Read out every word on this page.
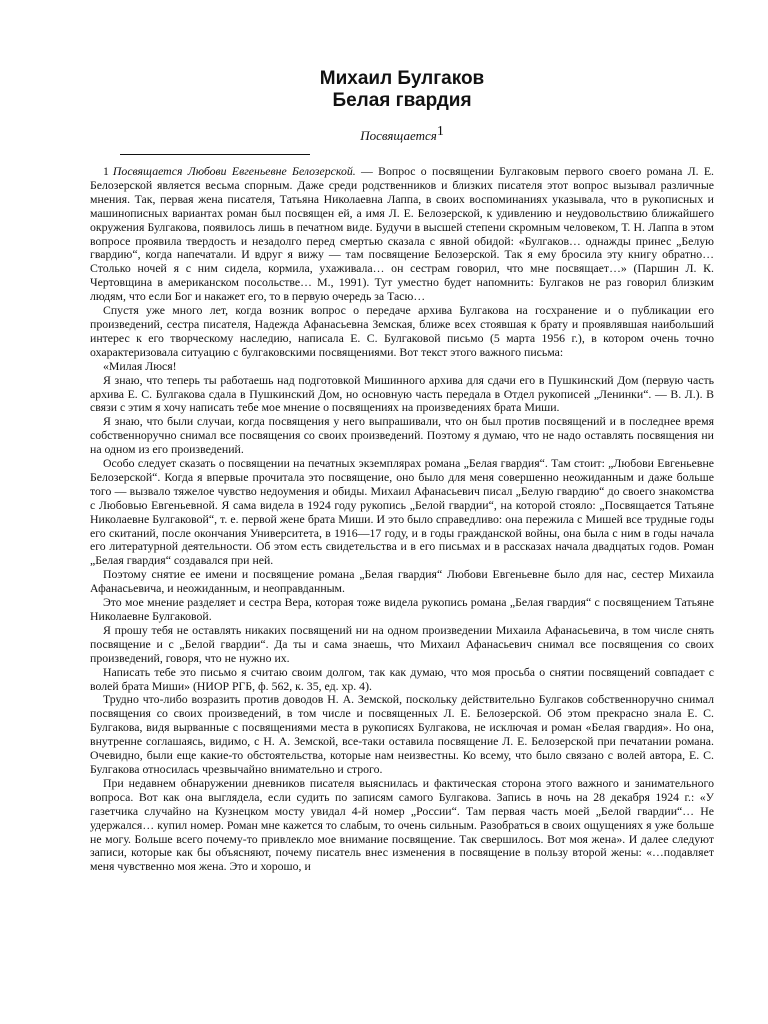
Михаил Булгаков
Белая гвардия
Посвящается$^1$

1 Посвящается Любови Евгеньевне Белозерской. — Вопрос о посвящении Булгаковым первого своего романа Л. Е. Белозерской является весьма спорным. Даже среди родственников и близких писателя этот вопрос вызывал различные мнения. Так, первая жена писателя, Татьяна Николаевна Лаппа, в своих воспоминаниях указывала, что в рукописных и машинописных вариантах роман был посвящен ей, а имя Л. Е. Белозерской, к удивлению и неудовольствию ближайшего окружения Булгакова, появилось лишь в печатном виде. Будучи в высшей степени скромным человеком, Т. Н. Лаппа в этом вопросе проявила твердость и незадолго перед смертью сказала с явной обидой: «Булгаков… однажды принес „Белую гвардию“, когда напечатали. И вдруг я вижу — там посвящение Белозерской. Так я ему бросила эту книгу обратно… Столько ночей я с ним сидела, кормила, ухаживала… он сестрам говорил, что мне посвящает…» (Паршин Л. К. Чертовщина в американском посольстве… М., 1991). Тут уместно будет напомнить: Булгаков не раз говорил близким людям, что если Бог и накажет его, то в первую очередь за Тасю…

Спустя уже много лет, когда возник вопрос о передаче архива Булгакова на госхранение и о публикации его произведений, сестра писателя, Надежда Афанасьевна Земская, ближе всех стоявшая к брату и проявлявшая наибольший интерес к его творческому наследию, написала Е. С. Булгаковой письмо (5 марта 1956 г.), в котором очень точно охарактеризовала ситуацию с булгаковскими посвящениями. Вот текст этого важного письма:

«Милая Люся!

Я знаю, что теперь ты работаешь над подготовкой Мишинного архива для сдачи его в Пушкинский Дом (первую часть архива Е. С. Булгакова сдала в Пушкинский Дом, но основную часть передала в Отдел рукописей „Ленинки“. — В. Л.). В связи с этим я хочу написать тебе мое мнение о посвящениях на произведениях брата Миши.

Я знаю, что были случаи, когда посвящения у него выпрашивали, что он был против посвящений и в последнее время собственноручно снимал все посвящения со своих произведений. Поэтому я думаю, что не надо оставлять посвящения ни на одном из его произведений.

Особо следует сказать о посвящении на печатных экземплярах романа „Белая гвардия“. Там стоит: „Любови Евгеньевне Белозерской“. Когда я впервые прочитала это посвящение, оно было для меня совершенно неожиданным и даже больше того — вызвало тяжелое чувство недоумения и обиды. Михаил Афанасьевич писал „Белую гвардию“ до своего знакомства с Любовью Евгеньевной. Я сама видела в 1924 году рукопись „Белой гвардии“, на которой стояло: „Посвящается Татьяне Николаевне Булгаковой“, т. е. первой жене брата Миши. И это было справедливо: она пережила с Мишей все трудные годы его скитаний, после окончания Университета, в 1916—17 году, и в годы гражданской войны, она была с ним в годы начала его литературной деятельности. Об этом есть свидетельства и в его письмах и в рассказах начала двадцатых годов. Роман „Белая гвардия“ создавался при ней.

Поэтому снятие ее имени и посвящение романа „Белая гвардия“ Любови Евгеньевне было для нас, сестер Михаила Афанасьевича, и неожиданным, и неоправданным.

Это мое мнение разделяет и сестра Вера, которая тоже видела рукопись романа „Белая гвардия“ с посвящением Татьяне Николаевне Булгаковой.

Я прошу тебя не оставлять никаких посвящений ни на одном произведении Михаила Афанасьевича, в том числе снять посвящение и с „Белой гвардии“. Да ты и сама знаешь, что Михаил Афанасьевич снимал все посвящения со своих произведений, говоря, что не нужно их.

Написать тебе это письмо я считаю своим долгом, так как думаю, что моя просьба о снятии посвящений совпадает с волей брата Миши» (НИОР РГБ, ф. 562, к. 35, ед. хр. 4).

Трудно что-либо возразить против доводов Н. А. Земской, поскольку действительно Булгаков собственноручно снимал посвящения со своих произведений, в том числе и посвященных Л. Е. Белозерской. Об этом прекрасно знала Е. С. Булгакова, видя вырванные с посвящениями места в рукописях Булгакова, не исключая и роман «Белая гвардия». Но она, внутренне соглашаясь, видимо, с Н. А. Земской, все-таки оставила посвящение Л. Е. Белозерской при печатании романа. Очевидно, были еще какие-то обстоятельства, которые нам неизвестны. Ко всему, что было связано с волей автора, Е. С. Булгакова относилась чрезвычайно внимательно и строго.

При недавнем обнаружении дневников писателя выяснилась и фактическая сторона этого важного и занимательного вопроса. Вот как она выглядела, если судить по записям самого Булгакова. Запись в ночь на 28 декабря 1924 г.: «У газетчика случайно на Кузнецком мосту увидал 4-й номер „России“. Там первая часть моей „Белой гвардии“… Не удержался… купил номер. Роман мне кажется то слабым, то очень сильным. Разобраться в своих ощущениях я уже больше не могу. Больше всего почему-то привлекло мое внимание посвящение. Так свершилось. Вот моя жена». И далее следуют записи, которые как бы объясняют, почему писатель внес изменения в посвящение в пользу второй жены: «…подавляет меня чувственно моя жена. Это и хорошо, и
